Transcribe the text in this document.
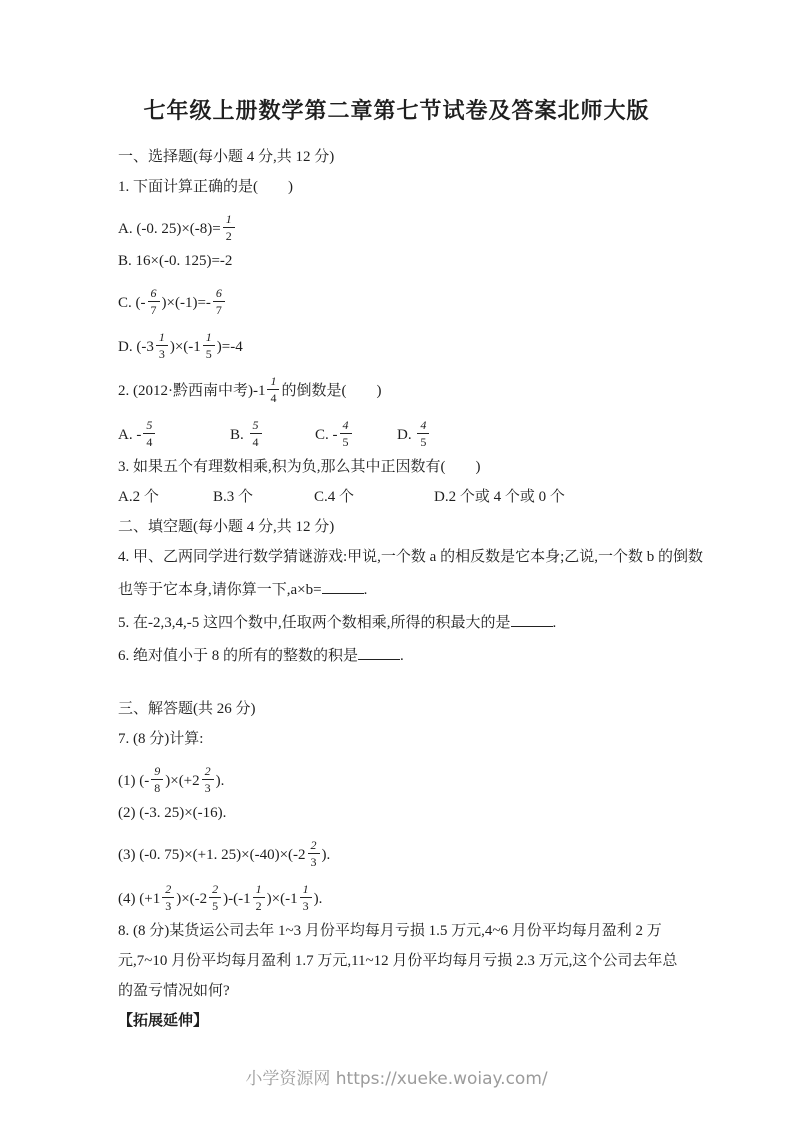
七年级上册数学第二章第七节试卷及答案北师大版
一、选择题(每小题 4 分,共 12 分)
1. 下面计算正确的是(　　)
A. (-0. $25)\times(-8)= \frac{1}{2}$
B. 16×(-0. 125)=-2
C. (- $\frac{6}{7} )\times(-1)=- \frac{6}{7}$
D. $(-3 \frac{1}{3} )\times(-1 \frac{1}{5} )=-4$
2. (2012·黔西南中考)$-1 \frac{1}{4}$ 的倒数是(　　)
A. - $\frac{5}{4}$	B. $\frac{5}{4}$	C. - $\frac{4}{5}$	D. $\frac{4}{5}$
3. 如果五个有理数相乘,积为负,那么其中正因数有(　　)
A.2 个	B.3 个	C.4 个	D.2 个或 4 个或 0 个
二、填空题(每小题 4 分,共 12 分)
4. 甲、乙两同学进行数学猜谜游戏:甲说,一个数 a 的相反数是它本身;乙说,一个数 b 的倒数
也等于它本身,请你算一下,a×b=	.
5. 在-2,3,4,-5 这四个数中,任取两个数相乘,所得的积最大的是	.
6. 绝对值小于 8 的所有的整数的积是	.
三、解答题(共 26 分)
7. (8 分)计算:
(1) (- $\frac{9}{8} )\times(+2 \frac{2}{3}$ ).
(2) (-3. 25)×(-16).
(3) (-0. 75)×(+1. $25)\times(-40)\times(-2 \frac{2}{3}$ ).
(4) $(+1 \frac{2}{3} )\times(-2 \frac{2}{5} )-(-1 \frac{1}{2} )\times(-1 \frac{1}{3}$ ).
8. (8 分)某货运公司去年 1~3 月份平均每月亏损 1.5 万元,4~6 月份平均每月盈利 2 万
元,7~10 月份平均每月盈利 1.7 万元,11~12 月份平均每月亏损 2.3 万元,这个公司去年总
的盈亏情况如何?
【拓展延伸】
小学资源网 https://xueke.woiay.com/
